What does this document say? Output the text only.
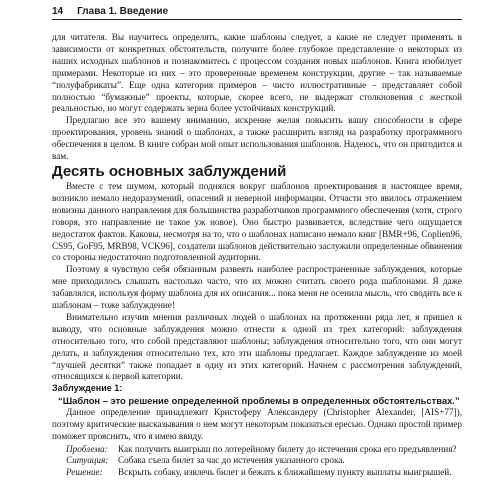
14 Глава 1. Введение

для читателя. Вы научитесь определять, какие шаблоны следует, а какие не следует применять в зависимости от конкретных обстоятельств, получите более глубокое представление о некоторых из наших исходных шаблонов и познакомитесь с процессом создания новых шаблонов. Книга изобилует примерами. Некоторые из них – это проверенные временем конструкции, другие – так называемые “полуфабрикаты”. Еще одна категория примеров – чисто иллюстративные – представляет собой полностью “бумажные” проекты, которые, скорее всего, не выдержат столкновения с жесткой реальностью, но могут содержать зерна более устойчивых конструкций.

Предлагаю все это вашему вниманию, искренне желая повысить вашу способности в сфере проектирования, уровень знаний о шаблонах, а также расширить взгляд на разработку программного обеспечения в целом. В книге собран мой опыт использования шаблонов. Надеюсь, что он пригодится и вам.

Десять основных заблуждений

Вместе с тем шумом, который поднялся вокруг шаблонов проектирования в настоящее время, возникло немало недоразумений, опасений и неверной информации. Отчасти это явилось отражением новизны данного направления для большинства разработчиков программного обеспечения (хотя, строго говоря, это направление не такое уж новое). Оно быстро развивается, вследствие чего ощущается недостаток фактов. Каковы, несмотря на то, что о шаблонах написано немало книг [BMR+96, Coplien96, CS95, GoF95, MRB98, VCK96], создатели шаблонов действительно заслужили определенные обвинения со стороны недостаточно подготовленной аудитории.

Поэтому я чувствую себя обязанным развеять наиболее распространенные заблуждения, которые мне приходилось слышать настолько часто, что их можно считать своего рода шаблонами. Я даже забавлялся, используя форму шаблона для их описания... пока меня не осенила мысль, что сводить все к шаблонам – тоже заблуждение!

Внимательно изучив мнения различных людей о шаблонах на протяжении ряда лет, я пришел к выводу, что основные заблуждения можно отнести к одной из трех категорий: заблуждения относительно того, что собой представляют шаблоны; заблуждения относительно того, что они могут делать, и заблуждения относительно тех, кто эти шаблоны предлагает. Каждое заблуждение из моей “лучшей десятки” также попадает в одну из этих категорий. Начнем с рассмотрения заблуждений, относящихся к первой категории.

Заблуждение 1:

“Шаблон – это решение определенной проблемы в определенных обстоятельствах.”

Данное определение принадлежит Кристоферу Александеру (Christopher Alexander, [AIS+77]), поэтому критические высказывания о нем могут некоторым показаться ересью. Однако простой пример поможет прояснить, что я имею ввиду.

Проблема:	Как получить выигрыш по лотерейному билету до истечения срока его предъявления?
Ситуация:	Собака съела билет за час до истечения указанного срока.
Решение:	Вскрыть собаку, извлечь билет и бежать к ближайшему пункту выплаты выигрышей.
